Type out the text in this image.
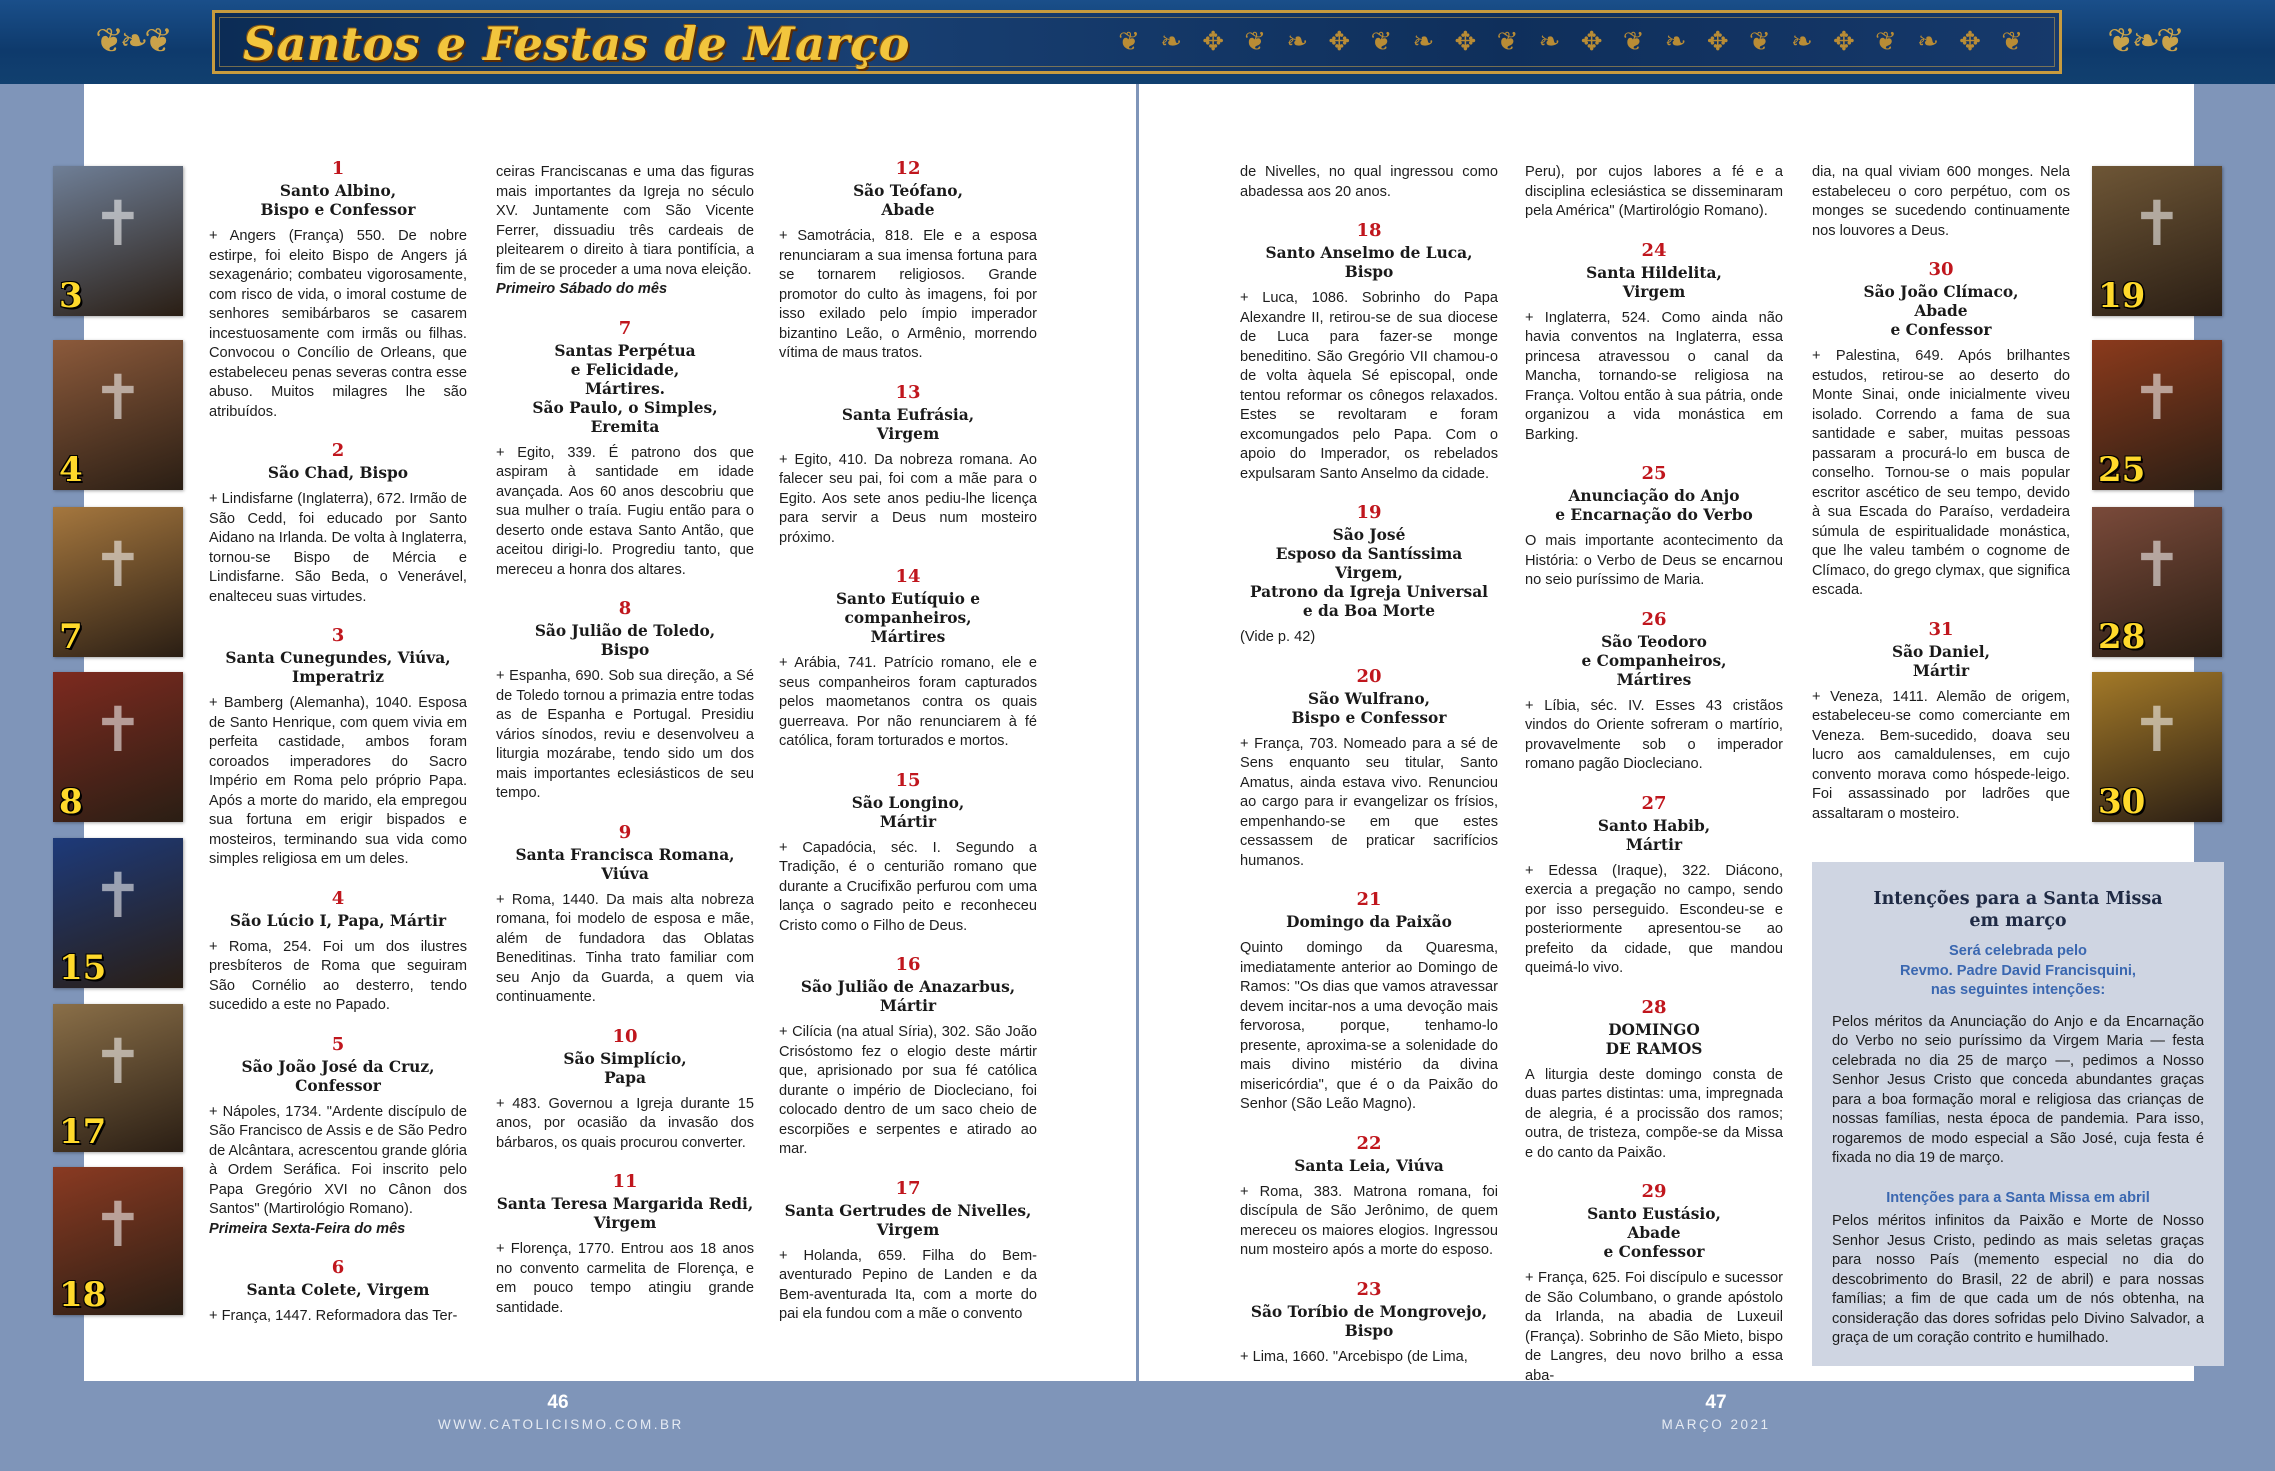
❦❧❦	Santos e Festas de Março	❦ ❧ ✥ ❦ ❧ ✥ ❦ ❧ ✥ ❦ ❧ ✥ ❦ ❧ ✥ ❦ ❧ ✥ ❦ ❧ ✥ ❦	❦❧❦
✝
3
✝
4
✝
7
✝
8
✝
15
✝
17
✝
18
✝
19
✝
25
✝
28
✝
30
1
Santo Albino,
Bispo e Confessor
+ Angers (França) 550. De nobre estirpe, foi eleito Bispo de Angers já sexagenário; combateu vigorosamente, com risco de vida, o imoral costume de senhores semibárbaros se casarem incestuosamente com irmãs ou filhas. Convocou o Concílio de Orleans, que estabeleceu penas severas contra esse abuso. Muitos milagres lhe são atribuídos.
2
São Chad, Bispo
+ Lindisfarne (Inglaterra), 672. Irmão de São Cedd, foi educado por Santo Aidano na Irlanda. De volta à Inglaterra, tornou-se Bispo de Mércia e Lindisfarne. São Beda, o Venerável, enalteceu suas virtudes.
3
Santa Cunegundes, Viúva,
Imperatriz
+ Bamberg (Alemanha), 1040. Esposa de Santo Henrique, com quem vivia em perfeita castidade, ambos foram coroados imperadores do Sacro Império em Roma pelo próprio Papa. Após a morte do marido, ela empregou sua fortuna em erigir bispados e mosteiros, terminando sua vida como simples religiosa em um deles.
4
São Lúcio I, Papa, Mártir
+ Roma, 254. Foi um dos ilustres presbíteros de Roma que seguiram São Cornélio ao desterro, tendo sucedido a este no Papado.
5
São João José da Cruz,
Confessor
+ Nápoles, 1734. "Ardente discípulo de São Francisco de Assis e de São Pedro de Alcântara, acrescentou grande glória à Ordem Seráfica. Foi inscrito pelo Papa Gregório XVI no Cânon dos Santos" (Martirológio Romano).
Primeira Sexta-Feira do mês
6
Santa Colete, Virgem
+ França, 1447. Reformadora das Ter-
ceiras Franciscanas e uma das figuras mais importantes da Igreja no século XV. Juntamente com São Vicente Ferrer, dissuadiu três cardeais de pleitearem o direito à tiara pontifícia, a fim de se proceder a uma nova eleição.
Primeiro Sábado do mês
7
Santas Perpétua
e Felicidade,
Mártires.
São Paulo, o Simples,
Eremita
+ Egito, 339. É patrono dos que aspiram à santidade em idade avançada. Aos 60 anos descobriu que sua mulher o traía. Fugiu então para o deserto onde estava Santo Antão, que aceitou dirigi-lo. Progrediu tanto, que mereceu a honra dos altares.
8
São Julião de Toledo,
Bispo
+ Espanha, 690. Sob sua direção, a Sé de Toledo tornou a primazia entre todas as de Espanha e Portugal. Presidiu vários sínodos, reviu e desenvolveu a liturgia mozárabe, tendo sido um dos mais importantes eclesiásticos de seu tempo.
9
Santa Francisca Romana,
Viúva
+ Roma, 1440. Da mais alta nobreza romana, foi modelo de esposa e mãe, além de fundadora das Oblatas Beneditinas. Tinha trato familiar com seu Anjo da Guarda, a quem via continuamente.
10
São Simplício,
Papa
+ 483. Governou a Igreja durante 15 anos, por ocasião da invasão dos bárbaros, os quais procurou converter.
11
Santa Teresa Margarida Redi,
Virgem
+ Florença, 1770. Entrou aos 18 anos no convento carmelita de Florença, e em pouco tempo atingiu grande santidade.
12
São Teófano,
Abade
+ Samotrácia, 818. Ele e a esposa renunciaram a sua imensa fortuna para se tornarem religiosos. Grande promotor do culto às imagens, foi por isso exilado pelo ímpio imperador bizantino Leão, o Armênio, morrendo vítima de maus tratos.
13
Santa Eufrásia,
Virgem
+ Egito, 410. Da nobreza romana. Ao falecer seu pai, foi com a mãe para o Egito. Aos sete anos pediu-lhe licença para servir a Deus num mosteiro próximo.
14
Santo Eutíquio e
companheiros,
Mártires
+ Arábia, 741. Patrício romano, ele e seus companheiros foram capturados pelos maometanos contra os quais guerreava. Por não renunciarem à fé católica, foram torturados e mortos.
15
São Longino,
Mártir
+ Capadócia, séc. I. Segundo a Tradição, é o centurião romano que durante a Crucifixão perfurou com uma lança o sagrado peito e reconheceu Cristo como o Filho de Deus.
16
São Julião de Anazarbus,
Mártir
+ Cilícia (na atual Síria), 302. São João Crisóstomo fez o elogio deste mártir que, aprisionado por sua fé católica durante o império de Diocleciano, foi colocado dentro de um saco cheio de escorpiões e serpentes e atirado ao mar.
17
Santa Gertrudes de Nivelles,
Virgem
+ Holanda, 659. Filha do Bem-aventurado Pepino de Landen e da Bem-aventurada Ita, com a morte do pai ela fundou com a mãe o convento
de Nivelles, no qual ingressou como abadessa aos 20 anos.
18
Santo Anselmo de Luca, Bispo
+ Luca, 1086. Sobrinho do Papa Alexandre II, retirou-se de sua diocese de Luca para fazer-se monge beneditino. São Gregório VII chamou-o de volta àquela Sé episcopal, onde tentou reformar os cônegos relaxados. Estes se revoltaram e foram excomungados pelo Papa. Com o apoio do Imperador, os rebelados expulsaram Santo Anselmo da cidade.
19
São José
Esposo da Santíssima Virgem,
Patrono da Igreja Universal
e da Boa Morte
(Vide p. 42)
20
São Wulfrano,
Bispo e Confessor
+ França, 703. Nomeado para a sé de Sens enquanto seu titular, Santo Amatus, ainda estava vivo. Renunciou ao cargo para ir evangelizar os frísios, empenhando-se em que estes cessassem de praticar sacrifícios humanos.
21
Domingo da Paixão
Quinto domingo da Quaresma, imediatamente anterior ao Domingo de Ramos: "Os dias que vamos atravessar devem incitar-nos a uma devoção mais fervorosa, porque, tenhamo-lo presente, aproxima-se a solenidade do mais divino mistério da divina misericórdia", que é o da Paixão do Senhor (São Leão Magno).
22
Santa Leia, Viúva
+ Roma, 383. Matrona romana, foi discípula de São Jerônimo, de quem mereceu os maiores elogios. Ingressou num mosteiro após a morte do esposo.
23
São Toríbio de Mongrovejo,
Bispo
+ Lima, 1660. "Arcebispo (de Lima,
Peru), por cujos labores a fé e a disciplina eclesiástica se disseminaram pela América" (Martirológio Romano).
24
Santa Hildelita,
Virgem
+ Inglaterra, 524. Como ainda não havia conventos na Inglaterra, essa princesa atravessou o canal da Mancha, tornando-se religiosa na França. Voltou então à sua pátria, onde organizou a vida monástica em Barking.
25
Anunciação do Anjo
e Encarnação do Verbo
O mais importante acontecimento da História: o Verbo de Deus se encarnou no seio puríssimo de Maria.
26
São Teodoro
e Companheiros,
Mártires
+ Líbia, séc. IV. Esses 43 cristãos vindos do Oriente sofreram o martírio, provavelmente sob o imperador romano pagão Diocleciano.
27
Santo Habib,
Mártir
+ Edessa (Iraque), 322. Diácono, exercia a pregação no campo, sendo por isso perseguido. Escondeu-se e posteriormente apresentou-se ao prefeito da cidade, que mandou queimá-lo vivo.
28
DOMINGO
DE RAMOS
A liturgia deste domingo consta de duas partes distintas: uma, impregnada de alegria, é a procissão dos ramos; outra, de tristeza, compõe-se da Missa e do canto da Paixão.
29
Santo Eustásio,
Abade
e Confessor
+ França, 625. Foi discípulo e sucessor de São Columbano, o grande apóstolo da Irlanda, na abadia de Luxeuil (França). Sobrinho de São Mieto, bispo de Langres, deu novo brilho a essa aba-
dia, na qual viviam 600 monges. Nela estabeleceu o coro perpétuo, com os monges se sucedendo continuamente nos louvores a Deus.
30
São João Clímaco,
Abade
e Confessor
+ Palestina, 649. Após brilhantes estudos, retirou-se ao deserto do Monte Sinai, onde inicialmente viveu isolado. Correndo a fama de sua santidade e saber, muitas pessoas passaram a procurá-lo em busca de conselho. Tornou-se o mais popular escritor ascético de seu tempo, devido à sua Escada do Paraíso, verdadeira súmula de espiritualidade monástica, que lhe valeu também o cognome de Clímaco, do grego clymax, que significa escada.
31
São Daniel,
Mártir
+ Veneza, 1411. Alemão de origem, estabeleceu-se como comerciante em Veneza. Bem-sucedido, doava seu lucro aos camaldulenses, em cujo convento morava como hóspede-leigo. Foi assassinado por ladrões que assaltaram o mosteiro.
Intenções para a Santa Missa
em março
Será celebrada pelo
Revmo. Padre David Francisquini,
nas seguintes intenções:
Pelos méritos da Anunciação do Anjo e da Encarnação do Verbo no seio puríssimo da Virgem Maria — festa celebrada no dia 25 de março —, pedimos a Nosso Senhor Jesus Cristo que conceda abundantes graças para a boa formação moral e religiosa das crianças de nossas famílias, nesta época de pandemia. Para isso, rogaremos de modo especial a São José, cuja festa é fixada no dia 19 de março.
Intenções para a Santa Missa em abril
Pelos méritos infinitos da Paixão e Morte de Nosso Senhor Jesus Cristo, pedindo as mais seletas graças para nosso País (memento especial no dia do descobrimento do Brasil, 22 de abril) e para nossas famílias; a fim de que cada um de nós obtenha, na consideração das dores sofridas pelo Divino Salvador, a graça de um coração contrito e humilhado.
46
WWW.CATOLICISMO.COM.BR
47
MARÇO 2021
